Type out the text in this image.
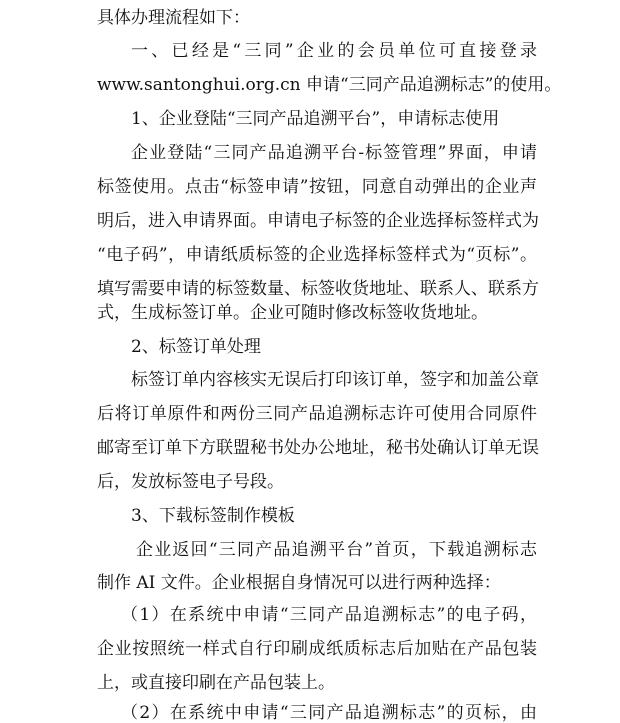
具体办理流程如下：
一、已经是“三同”企业的会员单位可直接登录
www.santonghui.org.cn 申请“三同产品追溯标志”的使用。
1、企业登陆“三同产品追溯平台”，申请标志使用
企业登陆“三同产品追溯平台-标签管理”界面，申请
标签使用。点击“标签申请”按钮，同意自动弹出的企业声
明后，进入申请界面。申请电子标签的企业选择标签样式为
“电子码”，申请纸质标签的企业选择标签样式为“页标”。
填写需要申请的标签数量、标签收货地址、联系人、联系方
式，生成标签订单。企业可随时修改标签收货地址。
2、标签订单处理
标签订单内容核实无误后打印该订单，签字和加盖公章
后将订单原件和两份三同产品追溯标志许可使用合同原件
邮寄至订单下方联盟秘书处办公地址，秘书处确认订单无误
后，发放标签电子号段。
3、下载标签制作模板
企业返回“三同产品追溯平台”首页，下载追溯标志
制作 AI 文件。企业根据自身情况可以进行两种选择：
（1）在系统中申请“三同产品追溯标志”的电子码，
企业按照统一样式自行印刷成纸质标志后加贴在产品包装
上，或直接印刷在产品包装上。
（2）在系统中申请“三同产品追溯标志”的页标，由
